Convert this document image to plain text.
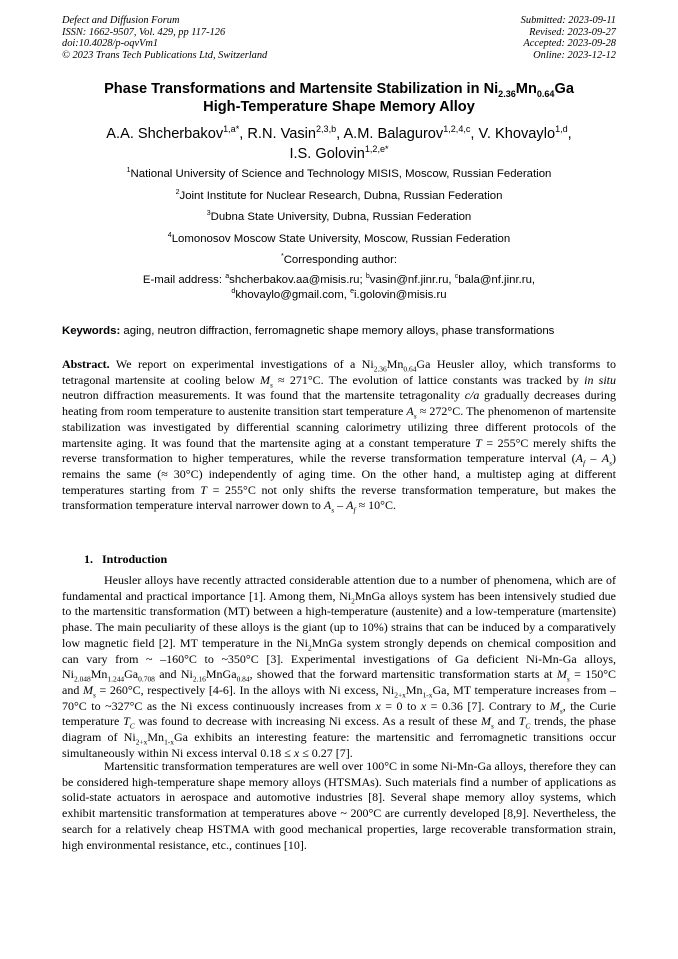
Defect and Diffusion Forum
ISSN: 1662-9507, Vol. 429, pp 117-126
doi:10.4028/p-oqvVm1
© 2023 Trans Tech Publications Ltd, Switzerland
Submitted: 2023-09-11
Revised: 2023-09-27
Accepted: 2023-09-28
Online: 2023-12-12
Phase Transformations and Martensite Stabilization in $Ni_{2.36}Mn_{0.64}Ga$
High-Temperature Shape Memory Alloy
A.A. Shcherbakov$^{1,a*}$, R.N. Vasin$^{2,3,b}$, A.M. Balagurov$^{1,2,4,c}$, V. Khovaylo$^{1,d}$,
I.S. Golovin$^{1,2,e*}$
$^1$National University of Science and Technology MISIS, Moscow, Russian Federation
$^2$Joint Institute for Nuclear Research, Dubna, Russian Federation
$^3$Dubna State University, Dubna, Russian Federation
$^4$Lomonosov Moscow State University, Moscow, Russian Federation
*Corresponding author:
E-mail address: $^a$shcherbakov.aa@misis.ru; $^b$vasin@nf.jinr.ru, $^c$bala@nf.jinr.ru,
$^d$khovaylo@gmail.com, $^e$i.golovin@misis.ru
Keywords: aging, neutron diffraction, ferromagnetic shape memory alloys, phase transformations
Abstract. We report on experimental investigations of a $Ni_{2.36}Mn_{0.64}Ga$ Heusler alloy, which transforms to tetragonal martensite at cooling below $M_s \approx 271^\circ C$. The evolution of lattice constants was tracked by in situ neutron diffraction measurements. It was found that the martensite tetragonality c/a gradually decreases during heating from room temperature to austenite transition start temperature $A_s \approx 272^\circ C$. The phenomenon of martensite stabilization was investigated by differential scanning calorimetry utilizing three different protocols of the martensite aging. It was found that the martensite aging at a constant temperature T = 255°C merely shifts the reverse transformation to higher temperatures, while the reverse transformation temperature interval $(A_f - A_s)$ remains the same (≈ 30°C) independently of aging time. On the other hand, a multistep aging at different temperatures starting from T = 255°C not only shifts the reverse transformation temperature, but makes the transformation temperature interval narrower down to $A_s - A_f \approx 10^\circ C$.
1. Introduction
Heusler alloys have recently attracted considerable attention due to a number of phenomena, which are of fundamental and practical importance [1]. Among them, $Ni_2MnGa$ alloys system has been intensively studied due to the martensitic transformation (MT) between a high-temperature (austenite) and a low-temperature (martensite) phase. The main peculiarity of these alloys is the giant (up to 10%) strains that can be induced by a comparatively low magnetic field [2]. MT temperature in the $Ni_2MnGa$ system strongly depends on chemical composition and can vary from ~ –160°C to ~350°C [3]. Experimental investigations of Ga deficient Ni-Mn-Ga alloys, $Ni_{2.048}Mn_{1.244}Ga_{0.708}$ and $Ni_{2.16}MnGa_{0.84}$, showed that the forward martensitic transformation starts at $M_s = 150^\circ C$ and $M_s = 260^\circ C$, respectively [4-6]. In the alloys with Ni excess, $Ni_{2+x}Mn_{1-x}Ga$, MT temperature increases from –70°C to ~327°C as the Ni excess continuously increases from x = 0 to x = 0.36 [7]. Contrary to $M_s$, the Curie temperature $T_C$ was found to decrease with increasing Ni excess. As a result of these $M_s$ and $T_C$ trends, the phase diagram of $Ni_{2+x}Mn_{1-x}Ga$ exhibits an interesting feature: the martensitic and ferromagnetic transitions occur simultaneously within Ni excess interval 0.18 ≤ x ≤ 0.27 [7].
Martensitic transformation temperatures are well over 100°C in some Ni-Mn-Ga alloys, therefore they can be considered high-temperature shape memory alloys (HTSMAs). Such materials find a number of applications as solid-state actuators in aerospace and automotive industries [8]. Several shape memory alloy systems, which exhibit martensitic transformation at temperatures above ~ 200°C are currently developed [8,9]. Nevertheless, the search for a relatively cheap HSTMA with good mechanical properties, large recoverable transformation strain, high environmental resistance, etc., continues [10].
